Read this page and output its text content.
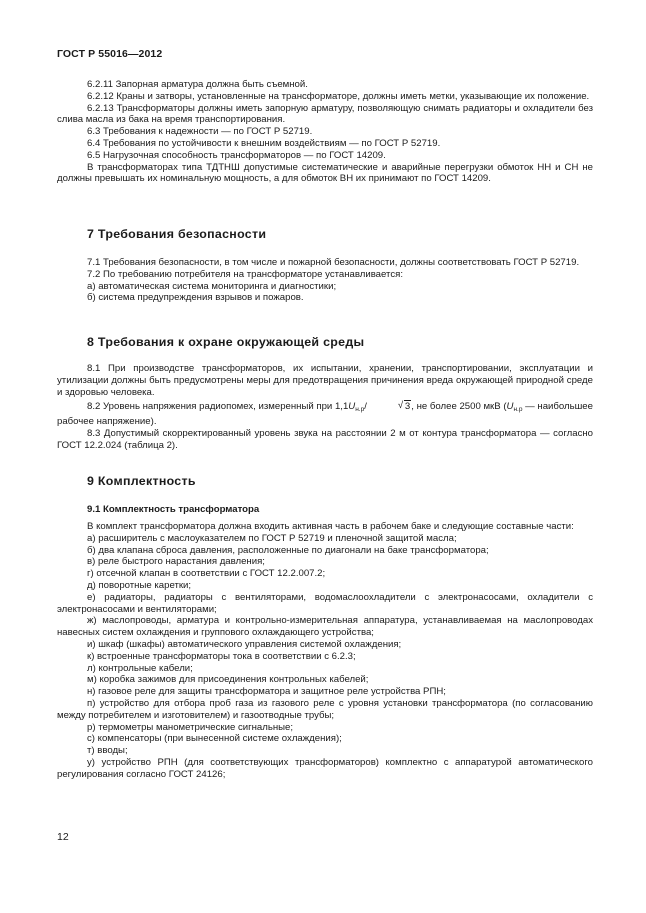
ГОСТ Р 55016—2012

6.2.11 Запорная арматура должна быть съемной.

6.2.12 Краны и затворы, установленные на трансформаторе, должны иметь метки, указывающие их положение.

6.2.13 Трансформаторы должны иметь запорную арматуру, позволяющую снимать радиаторы и охладители без слива масла из бака на время транспортирования.

6.3 Требования к надежности — по ГОСТ Р 52719.

6.4 Требования по устойчивости к внешним воздействиям — по ГОСТ Р 52719.

6.5 Нагрузочная способность трансформаторов — по ГОСТ 14209.

В трансформаторах типа ТДТНШ допустимые систематические и аварийные перегрузки обмоток НН и СН не должны превышать их номинальную мощность, а для обмоток ВН их принимают по ГОСТ 14209.

7 Требования безопасности

7.1 Требования безопасности, в том числе и пожарной безопасности, должны соответствовать ГОСТ Р 52719.

7.2 По требованию потребителя на трансформаторе устанавливается:

а) автоматическая система мониторинга и диагностики;

б) система предупреждения взрывов и пожаров.

8 Требования к охране окружающей среды

8.1 При производстве трансформаторов, их испытании, хранении, транспортировании, эксплуатации и утилизации должны быть предусмотрены меры для предотвращения причинения вреда окружающей природной среде и здоровью человека.

8.2 Уровень напряжения радиопомех, измеренный при $1,1U_{н.р}/$	√ 3, не более 2500 мкВ ($U_{н.р}$ — наибольшее рабочее напряжение).

8.3 Допустимый скорректированный уровень звука на расстоянии 2 м от контура трансформатора — согласно ГОСТ 12.2.024 (таблица 2).

9 Комплектность
9.1 Комплектность трансформатора

В комплект трансформатора должна входить активная часть в рабочем баке и следующие составные части:

а) расширитель с маслоуказателем по ГОСТ Р 52719 и пленочной защитой масла;

б) два клапана сброса давления, расположенные по диагонали на баке трансформатора;

в) реле быстрого нарастания давления;

г) отсечной клапан в соответствии с ГОСТ 12.2.007.2;

д) поворотные каретки;

е) радиаторы, радиаторы с вентиляторами, водомаслоохладители с электронасосами, охладители с электронасосами и вентиляторами;

ж) маслопроводы, арматура и контрольно-измерительная аппаратура, устанавливаемая на маслопроводах навесных систем охлаждения и группового охлаждающего устройства;

и) шкаф (шкафы) автоматического управления системой охлаждения;

к) встроенные трансформаторы тока в соответствии с 6.2.3;

л) контрольные кабели;

м) коробка зажимов для присоединения контрольных кабелей;

н) газовое реле для защиты трансформатора и защитное реле устройства РПН;

п) устройство для отбора проб газа из газового реле с уровня установки трансформатора (по согласованию между потребителем и изготовителем) и газоотводные трубы;

р) термометры манометрические сигнальные;

с) компенсаторы (при вынесенной системе охлаждения);

т) вводы;

у) устройство РПН (для соответствующих трансформаторов) комплектно с аппаратурой автоматического регулирования согласно ГОСТ 24126;

12
